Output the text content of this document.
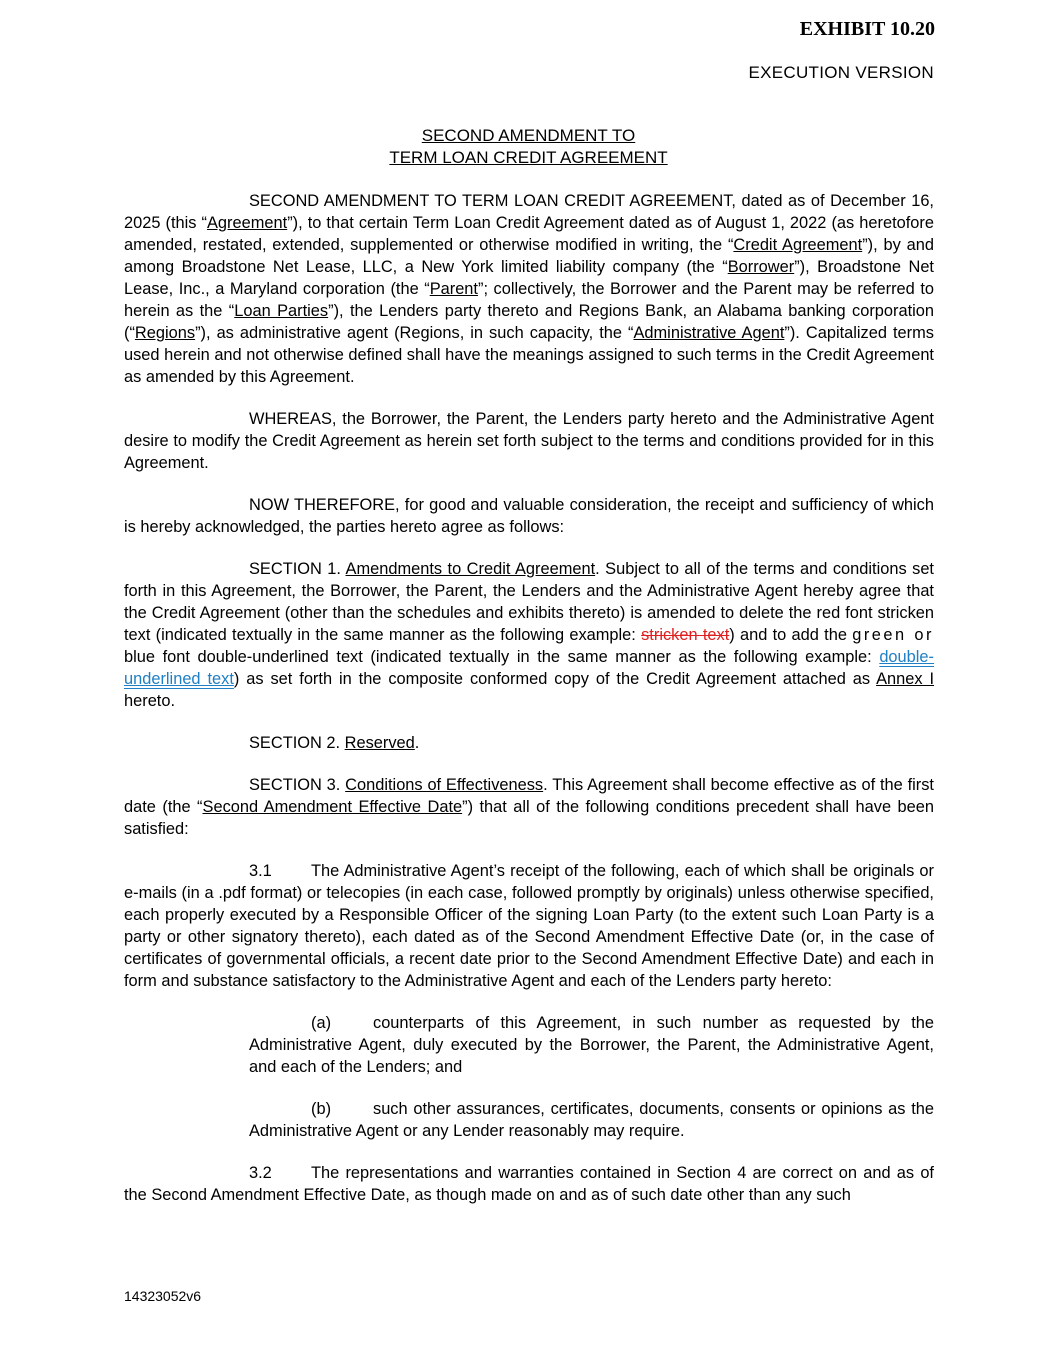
EXHIBIT 10.20
EXECUTION VERSION
SECOND AMENDMENT TO
TERM LOAN CREDIT AGREEMENT

SECOND AMENDMENT TO TERM LOAN CREDIT AGREEMENT, dated as of December 16, 2025 (this “Agreement”), to that certain Term Loan Credit Agreement dated as of August 1, 2022 (as heretofore amended, restated, extended, supplemented or otherwise modified in writing, the “Credit Agreement”), by and among Broadstone Net Lease, LLC, a New York limited liability company (the “Borrower”), Broadstone Net Lease, Inc., a Maryland corporation (the “Parent”; collectively, the Borrower and the Parent may be referred to herein as the “Loan Parties”), the Lenders party thereto and Regions Bank, an Alabama banking corporation (“Regions”), as administrative agent (Regions, in such capacity, the “Administrative Agent”). Capitalized terms used herein and not otherwise defined shall have the meanings assigned to such terms in the Credit Agreement as amended by this Agreement.

WHEREAS, the Borrower, the Parent, the Lenders party hereto and the Administrative Agent desire to modify the Credit Agreement as herein set forth subject to the terms and conditions provided for in this Agreement.

NOW THEREFORE, for good and valuable consideration, the receipt and sufficiency of which is hereby acknowledged, the parties hereto agree as follows:

SECTION 1. Amendments to Credit Agreement. Subject to all of the terms and conditions set forth in this Agreement, the Borrower, the Parent, the Lenders and the Administrative Agent hereby agree that the Credit Agreement (other than the schedules and exhibits thereto) is amended to delete the red font stricken text (indicated textually in the same manner as the following example: stricken text) and to add the green or blue font double-underlined text (indicated textually in the same manner as the following example: double-underlined text) as set forth in the composite conformed copy of the Credit Agreement attached as Annex I hereto.

SECTION 2. Reserved.

SECTION 3. Conditions of Effectiveness. This Agreement shall become effective as of the first date (the “Second Amendment Effective Date”) that all of the following conditions precedent shall have been satisfied:

3.1 The Administrative Agent’s receipt of the following, each of which shall be originals or e-mails (in a .pdf format) or telecopies (in each case, followed promptly by originals) unless otherwise specified, each properly executed by a Responsible Officer of the signing Loan Party (to the extent such Loan Party is a party or other signatory thereto), each dated as of the Second Amendment Effective Date (or, in the case of certificates of governmental officials, a recent date prior to the Second Amendment Effective Date) and each in form and substance satisfactory to the Administrative Agent and each of the Lenders party hereto:

(a)	counterparts of this Agreement, in such number as requested by the Administrative Agent, duly executed by the Borrower, the Parent, the Administrative Agent, and each of the Lenders; and

(b)	such other assurances, certificates, documents, consents or opinions as the Administrative Agent or any Lender reasonably may require.

3.2 The representations and warranties contained in Section 4 are correct on and as of the Second Amendment Effective Date, as though made on and as of such date other than any such

14323052v6
